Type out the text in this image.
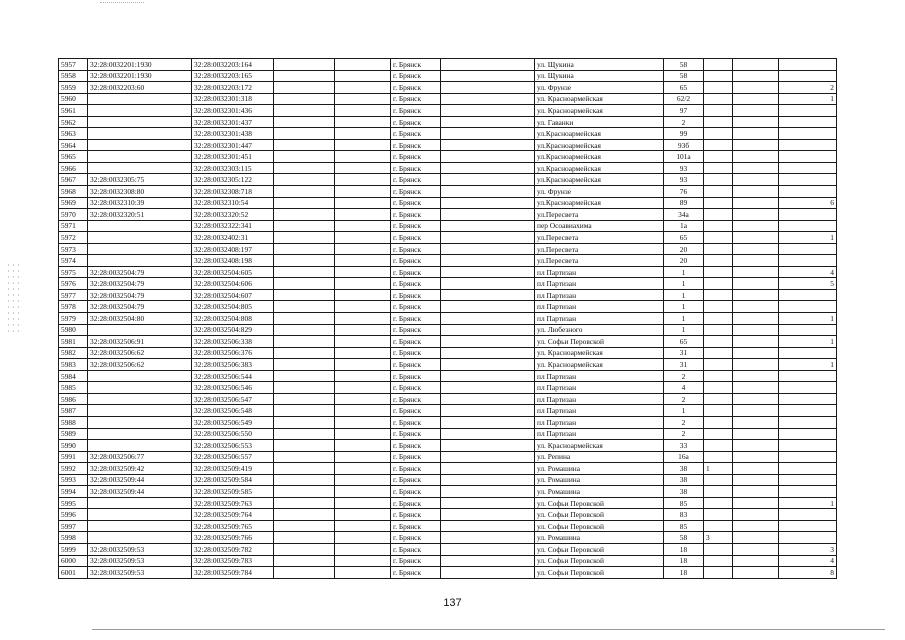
5957	32:28:0032201:1930	32:28:0032203:164			г. Брянск		ул. Щукина	58			
5958	32:28:0032201:1930	32:28:0032203:165			г. Брянск		ул. Щукина	58			
5959	32:28:0032203:60	32:28:0032203:172			г. Брянск		ул. Фрунзе	65			2
5960		32:28:0032301:318			г. Брянск		ул. Красноармейская	62/2			1
5961		32:28:0032301:436			г. Брянск		ул. Красноармейская	97			
5962		32:28:0032301:437			г. Брянск		ул. Гаванки	2			
5963		32:28:0032301:438			г. Брянск		ул.Красноармейская	99			
5964		32:28:0032301:447			г. Брянск		ул.Красноармейская	93б			
5965		32:28:0032301:451			г. Брянск		ул.Красноармейская	101а			
5966		32:28:0032303:115			г. Брянск		ул.Красноармейская	93			
5967	32:28:0032305:75	32:28:0032305:122			г. Брянск		ул.Красноармейская	93			
5968	32:28:0032308:80	32:28:0032308:718			г. Брянск		ул. Фрунзе	76			
5969	32:28:0032310:39	32:28:0032310:54			г. Брянск		ул.Красноармейская	89			6
5970	32:28:0032320:51	32:28:0032320:52			г. Брянск		ул.Пересвета	34а			
5971		32:28:0032322:341			г. Брянск		пер Осоавиахима	1а			
5972		32:28:0032402:31			г. Брянск		ул.Пересвета	65			1
5973		32:28:0032408:197			г. Брянск		ул.Пересвета	20			
5974		32:28:0032408:198			г. Брянск		ул.Пересвета	20			
5975	32:28:0032504:79	32:28:0032504:605			г. Брянск		пл Партизан	1			4
5976	32:28:0032504:79	32:28:0032504:606			г. Брянск		пл Партизан	1			5
5977	32:28:0032504:79	32:28:0032504:607			г. Брянск		пл Партизан	1			
5978	32:28:0032504:79	32:28:0032504:805			г. Брянск		пл Партизан	1			
5979	32:28:0032504:80	32:28:0032504:808			г. Брянск		пл Партизан	1			1
5980		32:28:0032504:829			г. Брянск		ул. Любезного	1			
5981	32:28:0032506:91	32:28:0032506:338			г. Брянск		ул. Софьи Перовской	65			1
5982	32:28:0032506:62	32:28:0032506:376			г. Брянск		ул. Красноармейская	31			
5983	32:28:0032506:62	32:28:0032506:383			г. Брянск		ул. Красноармейская	31			1
5984		32:28:0032506:544			г. Брянск		пл Партизан	2			
5985		32:28:0032506:546			г. Брянск		пл Партизан	4			
5986		32:28:0032506:547			г. Брянск		пл Партизан	2			
5987		32:28:0032506:548			г. Брянск		пл Партизан	1			
5988		32:28:0032506:549			г. Брянск		пл Партизан	2			
5989		32:28:0032506:550			г. Брянск		пл Партизан	2			
5990		32:28:0032506:553			г. Брянск		ул. Красноармейская	33			
5991	32:28:0032506:77	32:28:0032506:557			г. Брянск		ул. Репина	16а			
5992	32:28:0032509:42	32:28:0032509:419			г. Брянск		ул. Ромашина	38	1		
5993	32:28:0032509:44	32:28:0032509:584			г. Брянск		ул. Ромашина	38			
5994	32:28:0032509:44	32:28:0032509:585			г. Брянск		ул. Ромашина	38			
5995		32:28:0032509:763			г. Брянск		ул. Софьи Перовской	85			1
5996		32:28:0032509:764			г. Брянск		ул. Софьи Перовской	83			
5997		32:28:0032509:765			г. Брянск		ул. Софьи Перовской	85			
5998		32:28:0032509:766			г. Брянск		ул. Ромашина	58	3		
5999	32:28:0032509:53	32:28:0032509:782			г. Брянск		ул. Софьи Перовской	18			3
6000	32:28:0032509:53	32:28:0032509:783			г. Брянск		ул. Софьи Перовской	18			4
6001	32:28:0032509:53	32:28:0032509:784			г. Брянск		ул. Софьи Перовской	18			8
137
